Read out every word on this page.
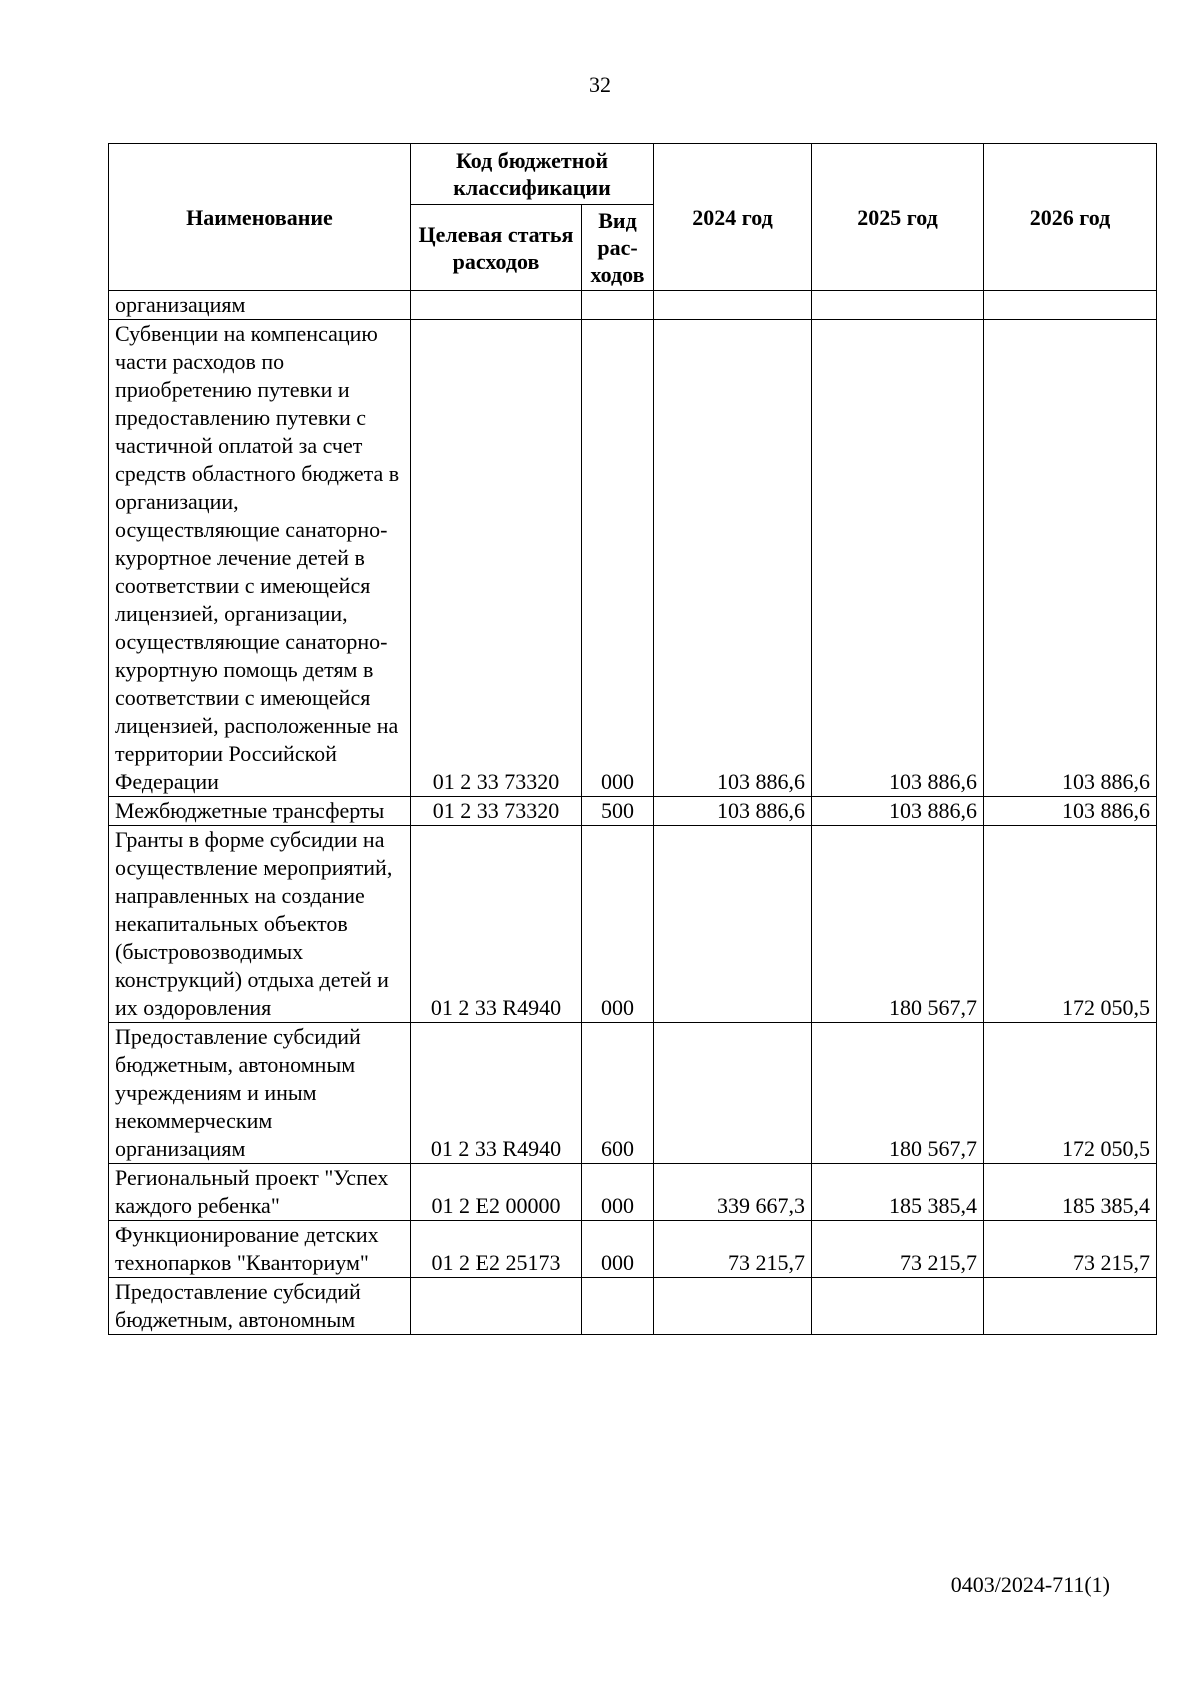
32
Наименование	Код бюджетной классификации		2024 год	2025 год	2026 год
	Целевая статья расходов	Вид рас-ходов			
организациям					
Субвенции на компенсацию части расходов по приобретению путевки и предоставлению путевки с частичной оплатой за счет средств областного бюджета в организации, осуществляющие санаторно-курортное лечение детей в соответствии с имеющейся лицензией, организации, осуществляющие санаторно-курортную помощь детям в соответствии с имеющейся лицензией, расположенные на территории Российской Федерации	01 2 33 73320	000	103 886,6	103 886,6	103 886,6
Межбюджетные трансферты	01 2 33 73320	500	103 886,6	103 886,6	103 886,6
Гранты в форме субсидии на осуществление мероприятий, направленных на создание некапитальных объектов (быстровозводимых конструкций) отдыха детей и их оздоровления	01 2 33 R4940	000		180 567,7	172 050,5
Предоставление субсидий бюджетным, автономным учреждениям и иным некоммерческим организациям	01 2 33 R4940	600		180 567,7	172 050,5
Региональный проект "Успех каждого ребенка"	01 2 E2 00000	000	339 667,3	185 385,4	185 385,4
Функционирование детских технопарков "Кванториум"	01 2 E2 25173	000	73 215,7	73 215,7	73 215,7
Предоставление субсидий бюджетным, автономным					
0403/2024-711(1)
